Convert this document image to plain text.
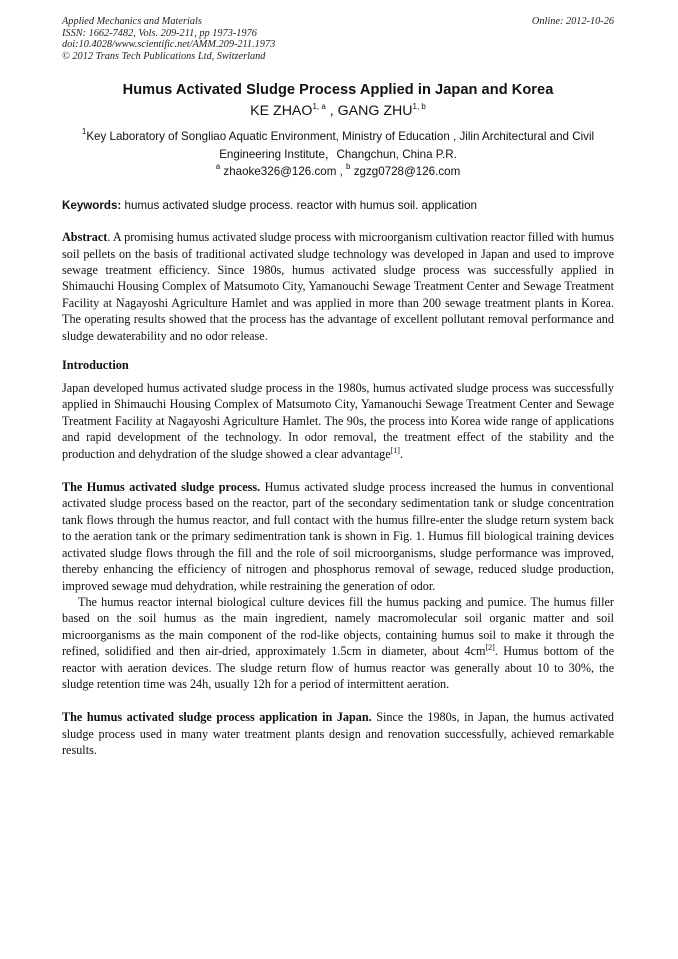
Applied Mechanics and Materials
ISSN: 1662-7482, Vols. 209-211, pp 1973-1976
doi:10.4028/www.scientific.net/AMM.209-211.1973
© 2012 Trans Tech Publications Ltd, Switzerland
Online: 2012-10-26
Humus Activated Sludge Process Applied in Japan and Korea
KE ZHAO$^{1, a}$ , GANG ZHU$^{1, b}$
$^1$Key Laboratory of Songliao Aquatic Environment, Ministry of Education , Jilin Architectural and Civil Engineering Institute，Changchun, China P.R.
$^a$ zhaoke326@126.com , $^b$ zgzg0728@126.com
Keywords: humus activated sludge process. reactor with humus soil. application

Abstract. A promising humus activated sludge process with microorganism cultivation reactor filled with humus soil pellets on the basis of traditional activated sludge technology was developed in Japan and used to improve sewage treatment efficiency. Since 1980s, humus activated sludge process was successfully applied in Shimauchi Housing Complex of Matsumoto City, Yamanouchi Sewage Treatment Center and Sewage Treatment Facility at Nagayoshi Agriculture Hamlet and was applied in more than 200 sewage treatment plants in Korea. The operating results showed that the process has the advantage of excellent pollutant removal performance and sludge dewaterability and no odor release.

Introduction

Japan developed humus activated sludge process in the 1980s, humus activated sludge process was successfully applied in Shimauchi Housing Complex of Matsumoto City, Yamanouchi Sewage Treatment Center and Sewage Treatment Facility at Nagayoshi Agriculture Hamlet. The 90s, the process into Korea wide range of applications and rapid development of the technology. In odor removal, the treatment effect of the stability and the production and dehydration of the sludge showed a clear advantage[1].

The Humus activated sludge process. Humus activated sludge process increased the humus in conventional activated sludge process based on the reactor, part of the secondary sedimentation tank or sludge concentration tank flows through the humus reactor, and full contact with the humus fillre-enter the sludge return system back to the aeration tank or the primary sedimentration tank is shown in Fig. 1. Humus fill biological training devices activated sludge flows through the fill and the role of soil microorganisms, sludge performance was improved, thereby enhancing the efficiency of nitrogen and phosphorus removal of sewage, reduced sludge production, improved sewage mud dehydration, while restraining the generation of odor.

The humus reactor internal biological culture devices fill the humus packing and pumice. The humus filler based on the soil humus as the main ingredient, namely macromolecular soil organic matter and soil microorganisms as the main component of the rod-like objects, containing humus soil to make it through the refined, solidified and then air-dried, approximately 1.5cm in diameter, about 4cm[2]. Humus bottom of the reactor with aeration devices. The sludge return flow of humus reactor was generally about 10 to 30%, the sludge retention time was 24h, usually 12h for a period of intermittent aeration.

The humus activated sludge process application in Japan. Since the 1980s, in Japan, the humus activated sludge process used in many water treatment plants design and renovation successfully, achieved remarkable results.
